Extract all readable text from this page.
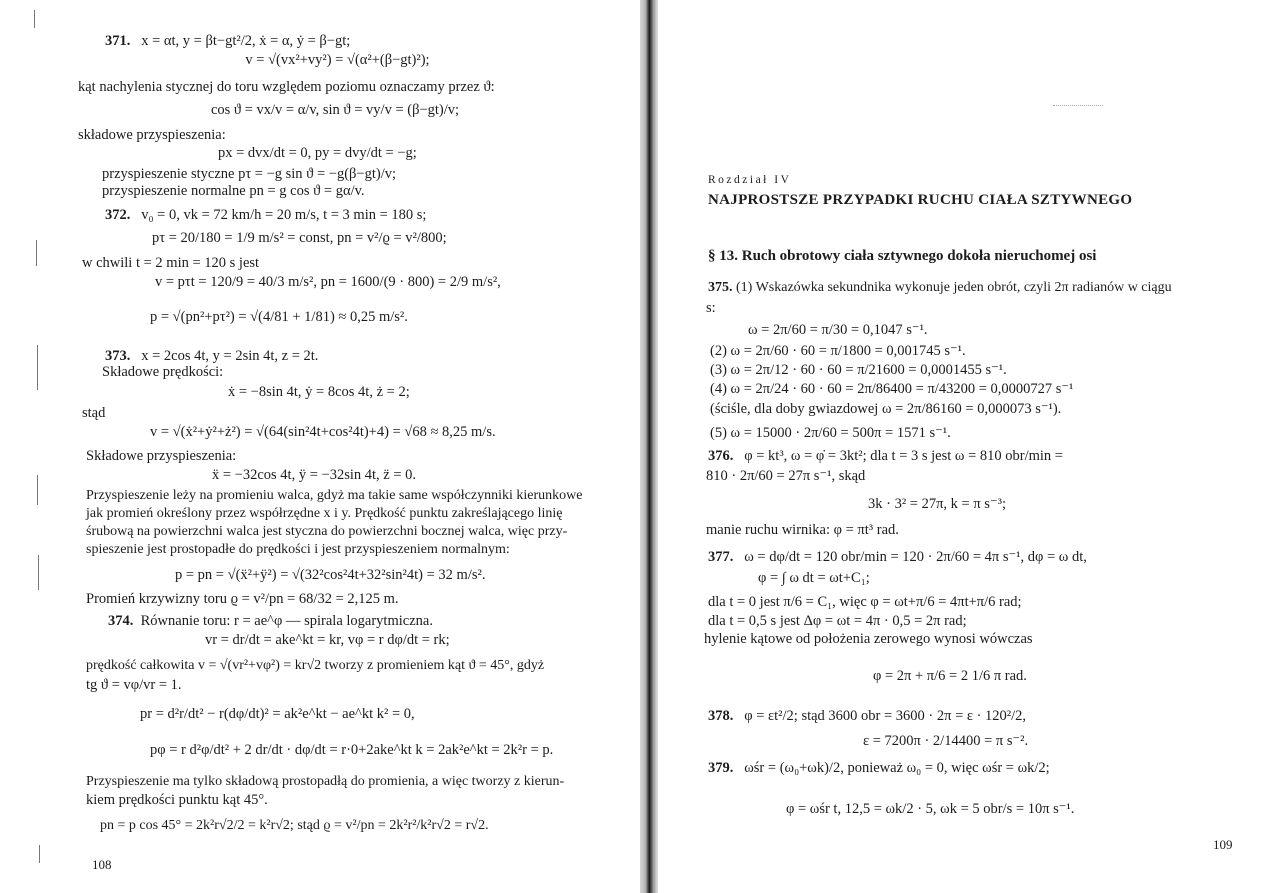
371. x = αt, y = βt−gt²/2, ẋ = α, ẏ = β−gt;
v = √(vx²+vy²) = √(α²+(β−gt)²);
kąt nachylenia stycznej do toru względem poziomu oznaczamy przez ϑ:
cos ϑ = vx/v = α/v, sin ϑ = vy/v = (β−gt)/v;
składowe przyspieszenia:
px = dvx/dt = 0, py = dvy/dt = −g;
przyspieszenie styczne pτ = −g sin ϑ = −g(β−gt)/v;
przyspieszenie normalne pn = g cos ϑ = gα/v.
372. v₀ = 0, vk = 72 km/h = 20 m/s, t = 3 min = 180 s;
pτ = 20/180 = 1/9 m/s² = const, pn = v²/ϱ = v²/800;
w chwili t = 2 min = 120 s jest
v = pτt = 120/9 = 40/3 m/s², pn = 1600/(9 · 800) = 2/9 m/s²,
p = √(pn²+pτ²) = √(4/81 + 1/81) ≈ 0,25 m/s².
373. x = 2cos 4t, y = 2sin 4t, z = 2t.
Składowe prędkości:
ẋ = −8sin 4t, ẏ = 8cos 4t, ż = 2;
stąd
v = √(ẋ²+ẏ²+ż²) = √(64(sin²4t+cos²4t)+4) = √68 ≈ 8,25 m/s.
Składowe przyspieszenia:
ẍ = −32cos 4t, ÿ = −32sin 4t, z̈ = 0.
Przyspieszenie leży na promieniu walca, gdyż ma takie same współczynniki kierunkowe
jak promień określony przez współrzędne x i y. Prędkość punktu zakreślającego linię
śrubową na powierzchni walca jest styczna do powierzchni bocznej walca, więc przy-
spieszenie jest prostopadłe do prędkości i jest przyspieszeniem normalnym:
p = pn = √(ẍ²+ÿ²) = √(32²cos²4t+32²sin²4t) = 32 m/s².
Promień krzywizny toru ϱ = v²/pn = 68/32 = 2,125 m.
374. Równanie toru: r = ae^φ — spirala logarytmiczna.
vr = dr/dt = ake^kt = kr, vφ = r dφ/dt = rk;
prędkość całkowita v = √(vr²+vφ²) = kr√2 tworzy z promieniem kąt ϑ = 45°, gdyż
tg ϑ = vφ/vr = 1.
pr = d²r/dt² − r(dφ/dt)² = ak²e^kt − ae^kt k² = 0,
pφ = r d²φ/dt² + 2 dr/dt · dφ/dt = r·0+2ake^kt k = 2ak²e^kt = 2k²r = p.
Przyspieszenie ma tylko składową prostopadłą do promienia, a więc tworzy z kierun-
kiem prędkości punktu kąt 45°.
pn = p cos 45° = 2k²r√2/2 = k²r√2; stąd ϱ = v²/pn = 2k²r²/k²r√2 = r√2.
108
Rozdział IV
NAJPROSTSZE PRZYPADKI RUCHU CIAŁA SZTYWNEGO
§ 13. Ruch obrotowy ciała sztywnego dokoła nieruchomej osi
375. (1) Wskazówka sekundnika wykonuje jeden obrót, czyli 2π radianów w ciągu
s:
ω = 2π/60 = π/30 = 0,1047 s⁻¹.
(2) ω = 2π/60 · 60 = π/1800 = 0,001745 s⁻¹.
(3) ω = 2π/12 · 60 · 60 = π/21600 = 0,0001455 s⁻¹.
(4) ω = 2π/24 · 60 · 60 = 2π/86400 = π/43200 = 0,0000727 s⁻¹
(ściśle, dla doby gwiazdowej ω = 2π/86160 = 0,000073 s⁻¹).
(5) ω = 15000 · 2π/60 = 500π = 1571 s⁻¹.
376. φ = kt³, ω = φ̇ = 3kt²; dla t = 3 s jest ω = 810 obr/min =
810 · 2π/60 = 27π s⁻¹, skąd
3k · 3² = 27π, k = π s⁻³;
manie ruchu wirnika: φ = πt³ rad.
377. ω = dφ/dt = 120 obr/min = 120 · 2π/60 = 4π s⁻¹, dφ = ω dt,
φ = ∫ ω dt = ωt+C₁;
dla t = 0 jest π/6 = C₁, więc φ = ωt+π/6 = 4πt+π/6 rad;
dla t = 0,5 s jest Δφ = ωt = 4π · 0,5 = 2π rad;
hylenie kątowe od położenia zerowego wynosi wówczas
φ = 2π + π/6 = 2 1/6 π rad.
378. φ = εt²/2; stąd 3600 obr = 3600 · 2π = ε · 120²/2,
ε = 7200π · 2/14400 = π s⁻².
379. ωśr = (ω₀+ωk)/2, ponieważ ω₀ = 0, więc ωśr = ωk/2;
φ = ωśr t, 12,5 = ωk/2 · 5, ωk = 5 obr/s = 10π s⁻¹.
109
